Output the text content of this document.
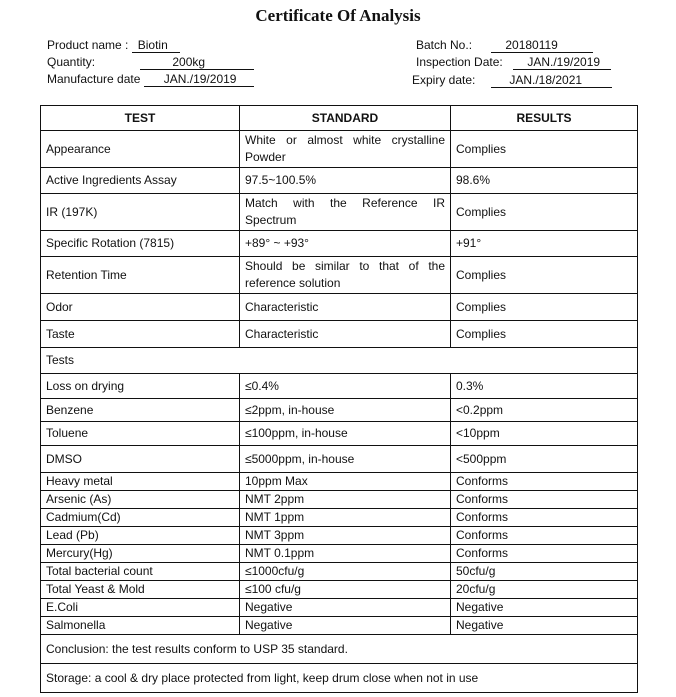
Certificate Of Analysis
Product name : Biotin
Quantity:	200kg
Manufacture date JAN./19/2019
Batch No.:	20180119
Inspection Date: JAN./19/2019
Expiry date:	JAN./18/2021
TEST	STANDARD	RESULTS
Appearance	White or almost white crystalline Powder	Complies
Active Ingredients Assay	97.5~100.5%	98.6%
IR (197K)	Match with the Reference IR Spectrum	Complies
Specific Rotation (7815)	+89° ~ +93°	+91°
Retention Time	Should be similar to that of the reference solution	Complies
Odor	Characteristic	Complies
Taste	Characteristic	Complies
Tests		
Loss on drying	≤0.4%	0.3%
Benzene	≤2ppm, in-house	<0.2ppm
Toluene	≤100ppm, in-house	<10ppm
DMSO	≤5000ppm, in-house	<500ppm
Heavy metal	10ppm Max	Conforms
Arsenic (As)	NMT 2ppm	Conforms
Cadmium(Cd)	NMT 1ppm	Conforms
Lead (Pb)	NMT 3ppm	Conforms
Mercury(Hg)	NMT 0.1ppm	Conforms
Total bacterial count	≤1000cfu/g	50cfu/g
Total Yeast & Mold	≤100 cfu/g	20cfu/g
E.Coli	Negative	Negative
Salmonella	Negative	Negative
Conclusion: the test results conform to USP 35 standard.		
Storage: a cool & dry place protected from light, keep drum close when not in use		
